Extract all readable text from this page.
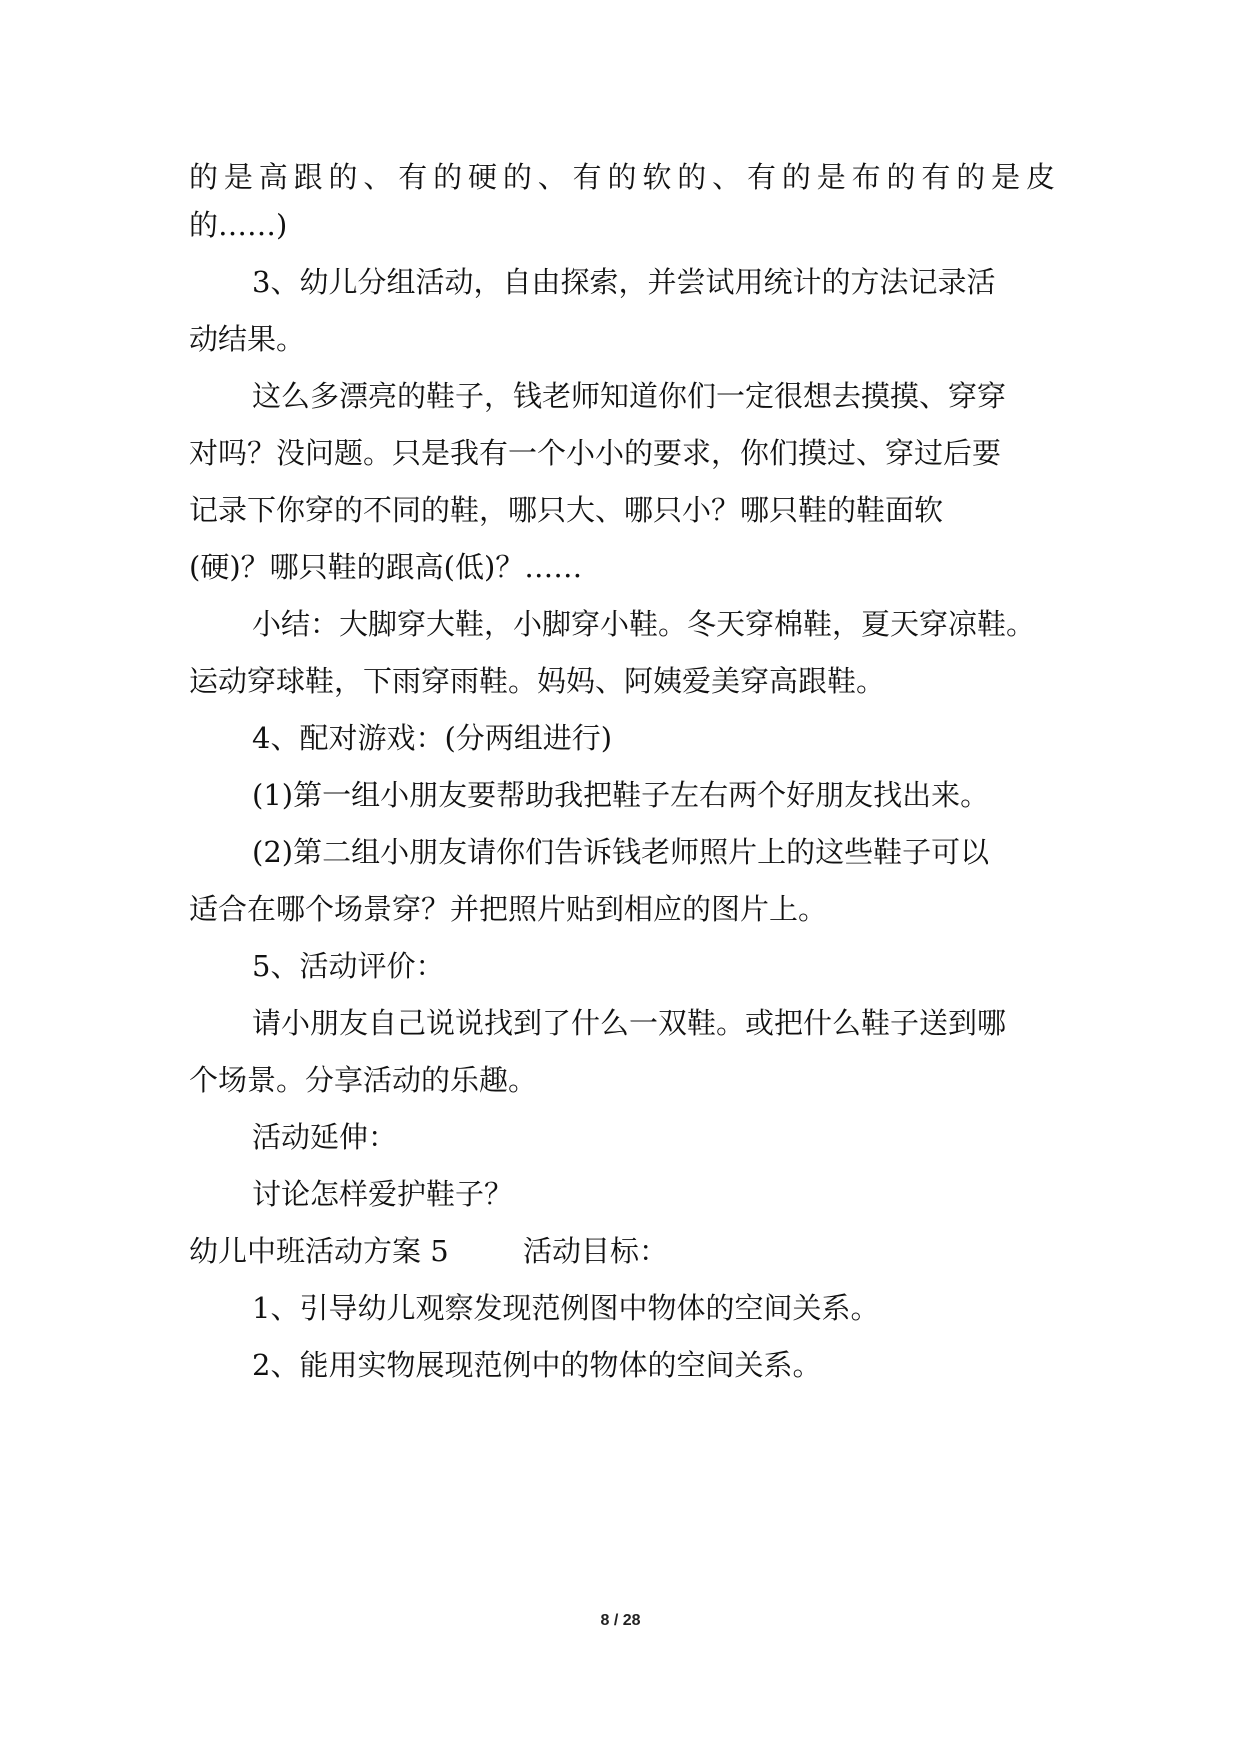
的是高跟的、有的硬的、有的软的、有的是布的有的是皮
的……)
3、幼儿分组活动，自由探索，并尝试用统计的方法记录活
动结果。
这么多漂亮的鞋子，钱老师知道你们一定很想去摸摸、穿穿
对吗？没问题。只是我有一个小小的要求，你们摸过、穿过后要
记录下你穿的不同的鞋，哪只大、哪只小？哪只鞋的鞋面软
(硬)？哪只鞋的跟高(低)？……
小结：大脚穿大鞋，小脚穿小鞋。冬天穿棉鞋，夏天穿凉鞋。
运动穿球鞋，下雨穿雨鞋。妈妈、阿姨爱美穿高跟鞋。
4、配对游戏：(分两组进行)
(1)第一组小朋友要帮助我把鞋子左右两个好朋友找出来。
(2)第二组小朋友请你们告诉钱老师照片上的这些鞋子可以
适合在哪个场景穿？并把照片贴到相应的图片上。
5、活动评价：
请小朋友自己说说找到了什么一双鞋。或把什么鞋子送到哪
个场景。分享活动的乐趣。
活动延伸：
讨论怎样爱护鞋子？
幼儿中班活动方案 5	活动目标：
1、引导幼儿观察发现范例图中物体的空间关系。
2、能用实物展现范例中的物体的空间关系。
8 / 28
